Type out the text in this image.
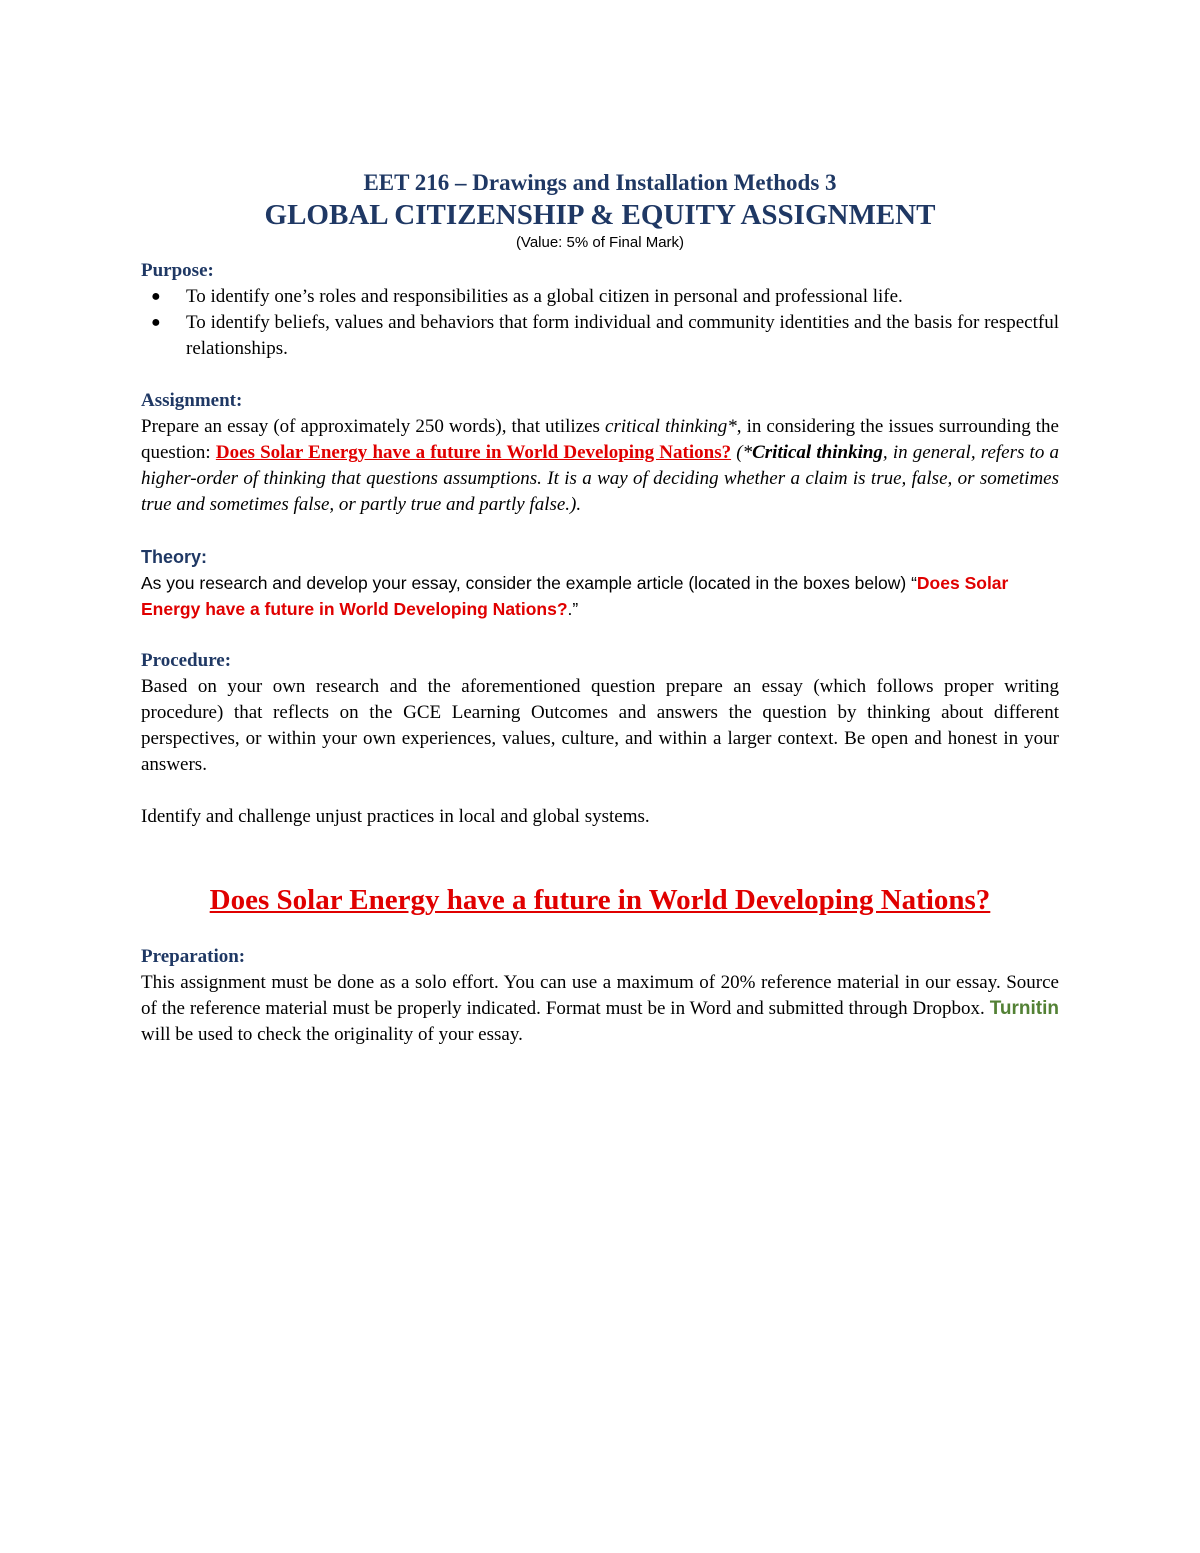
EET 216 – Drawings and Installation Methods 3

GLOBAL CITIZENSHIP & EQUITY ASSIGNMENT

(Value: 5% of Final Mark)

Purpose:

● To identify one’s roles and responsibilities as a global citizen in personal and professional life.
● To identify beliefs, values and behaviors that form individual and community identities and the basis for respectful relationships.

Assignment:

Prepare an essay (of approximately 250 words), that utilizes critical thinking*, in considering the issues surrounding the question: Does Solar Energy have a future in World Developing Nations? (*Critical thinking, in general, refers to a higher-order of thinking that questions assumptions. It is a way of deciding whether a claim is true, false, or sometimes true and sometimes false, or partly true and partly false.).

Theory:

As you research and develop your essay, consider the example article (located in the boxes below) “Does Solar Energy have a future in World Developing Nations?.”

Procedure:

Based on your own research and the aforementioned question prepare an essay (which follows proper writing procedure) that reflects on the GCE Learning Outcomes and answers the question by thinking about different perspectives, or within your own experiences, values, culture, and within a larger context. Be open and honest in your answers.

Identify and challenge unjust practices in local and global systems.

Does Solar Energy have a future in World Developing Nations?

Preparation:

This assignment must be done as a solo effort. You can use a maximum of 20% reference material in our essay. Source of the reference material must be properly indicated. Format must be in Word and submitted through Dropbox. Turnitin will be used to check the originality of your essay.
